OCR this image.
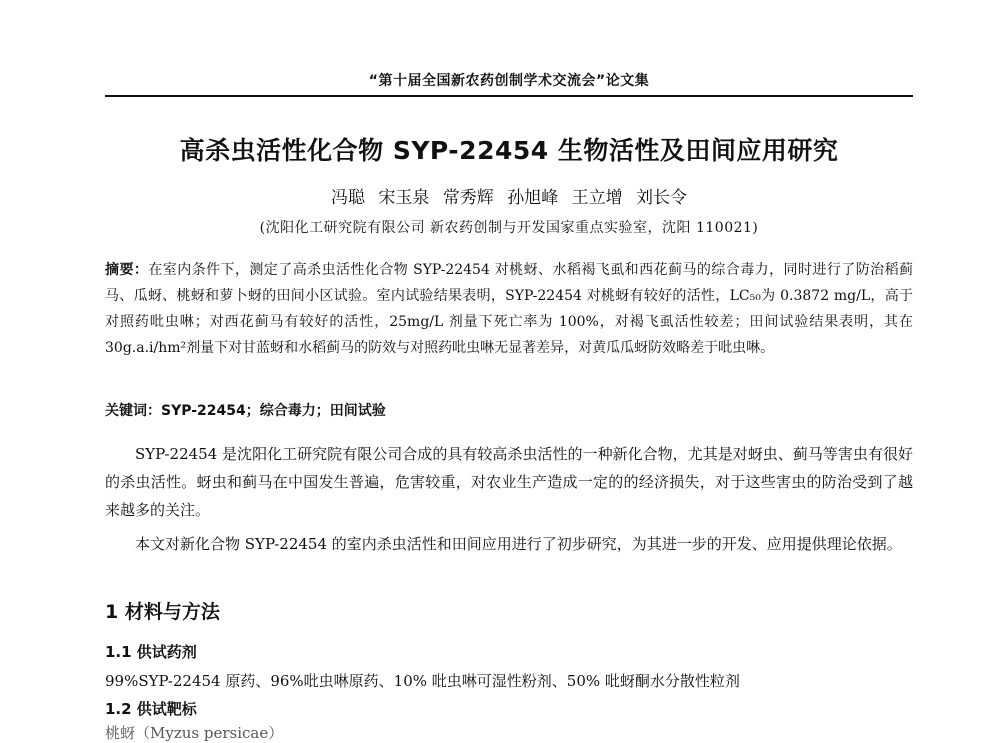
“第十届全国新农药创制学术交流会”论文集
高杀虫活性化合物 SYP-22454 生物活性及田间应用研究
冯聪 宋玉泉 常秀辉 孙旭峰 王立增 刘长令
(沈阳化工研究院有限公司 新农药创制与开发国家重点实验室，沈阳 110021)
摘要：在室内条件下，测定了高杀虫活性化合物 SYP-22454 对桃蚜、水稻褐飞虱和西花蓟马的综合毒力，同时进行了防治稻蓟马、瓜蚜、桃蚜和萝卜蚜的田间小区试验。室内试验结果表明，SYP-22454 对桃蚜有较好的活性，LC₅₀为 0.3872 mg/L，高于对照药吡虫啉；对西花蓟马有较好的活性，25mg/L 剂量下死亡率为 100%，对褐飞虱活性较差；田间试验结果表明，其在 30g.a.i/hm²剂量下对甘蓝蚜和水稻蓟马的防效与对照药吡虫啉无显著差异，对黄瓜瓜蚜防效略差于吡虫啉。
关键词：SYP-22454；综合毒力；田间试验
SYP-22454 是沈阳化工研究院有限公司合成的具有较高杀虫活性的一种新化合物，尤其是对蚜虫、蓟马等害虫有很好的杀虫活性。蚜虫和蓟马在中国发生普遍，危害较重，对农业生产造成一定的的经济损失，对于这些害虫的防治受到了越来越多的关注。
本文对新化合物 SYP-22454 的室内杀虫活性和田间应用进行了初步研究，为其进一步的开发、应用提供理论依据。
1 材料与方法
1.1 供试药剂
99%SYP-22454 原药、96%吡虫啉原药、10% 吡虫啉可湿性粉剂、50% 吡蚜酮水分散性粒剂
1.2 供试靶标
桃蚜（Myzus persicae）
